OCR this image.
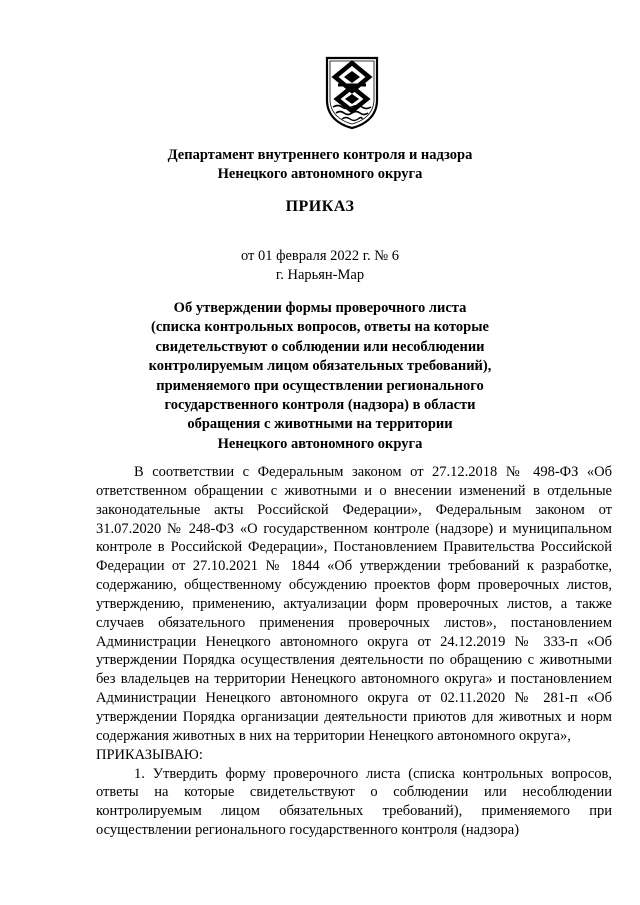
Департамент внутреннего контроля и надзора
Ненецкого автономного округа
ПРИКАЗ
от 01 февраля 2022 г. № 6
г. Нарьян-Мар
Об утверждении формы проверочного листа
(списка контрольных вопросов, ответы на которые
свидетельствуют о соблюдении или несоблюдении
контролируемым лицом обязательных требований),
применяемого при осуществлении регионального
государственного контроля (надзора) в области
обращения с животными на территории
Ненецкого автономного округа

В соответствии с Федеральным законом от 27.12.2018 № 498-ФЗ «Об ответственном обращении с животными и о внесении изменений в отдельные законодательные акты Российской Федерации», Федеральным законом от 31.07.2020 № 248-ФЗ «О государственном контроле (надзоре) и муниципальном контроле в Российской Федерации», Постановлением Правительства Российской Федерации от 27.10.2021 № 1844 «Об утверждении требований к разработке, содержанию, общественному обсуждению проектов форм проверочных листов, утверждению, применению, актуализации форм проверочных листов, а также случаев обязательного применения проверочных листов», постановлением Администрации Ненецкого автономного округа от 24.12.2019 № 333-п «Об утверждении Порядка осуществления деятельности по обращению с животными без владельцев на территории Ненецкого автономного округа» и постановлением Администрации Ненецкого автономного округа от 02.11.2020 № 281-п «Об утверждении Порядка организации деятельности приютов для животных и норм содержания животных в них на территории Ненецкого автономного округа»,

ПРИКАЗЫВАЮ:

1. Утвердить форму проверочного листа (списка контрольных вопросов, ответы на которые свидетельствуют о соблюдении или несоблюдении контролируемым лицом обязательных требований), применяемого при осуществлении регионального государственного контроля (надзора)
